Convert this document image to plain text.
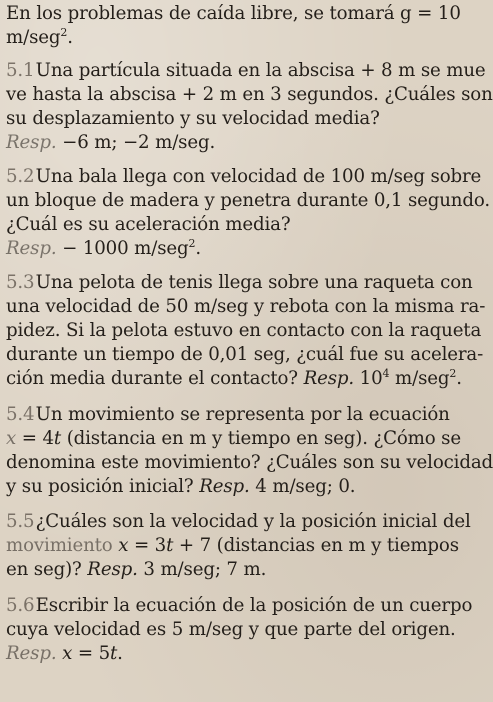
En los problemas de caída libre, se tomará g = 10
m/seg$^2$.
5.1 Una partícula situada en la abscisa + 8 m se mue
ve hasta la abscisa + 2 m en 3 segundos. ¿Cuáles son
su desplazamiento y su velocidad media?
Resp. −6 m; −2 m/seg.
5.2 Una bala llega con velocidad de 100 m/seg sobre
un bloque de madera y penetra durante 0,1 segundo.
¿Cuál es su aceleración media?
Resp. − 1000 m/seg$^2$.
5.3 Una pelota de tenis llega sobre una raqueta con
una velocidad de 50 m/seg y rebota con la misma ra-
pidez. Si la pelota estuvo en contacto con la raqueta
durante un tiempo de 0,01 seg, ¿cuál fue su acelera-
ción media durante el contacto? Resp. $10^4$ m/seg$^2$.
5.4 Un movimiento se representa por la ecuación
x = 4t (distancia en m y tiempo en seg). ¿Cómo se
denomina este movimiento? ¿Cuáles son su velocidad
y su posición inicial? Resp. 4 m/seg; 0.
5.5 ¿Cuáles son la velocidad y la posición inicial del
movimiento x = 3t + 7 (distancias en m y tiempos
en seg)? Resp. 3 m/seg; 7 m.
5.6 Escribir la ecuación de la posición de un cuerpo
cuya velocidad es 5 m/seg y que parte del origen.
Resp. x = 5t.
